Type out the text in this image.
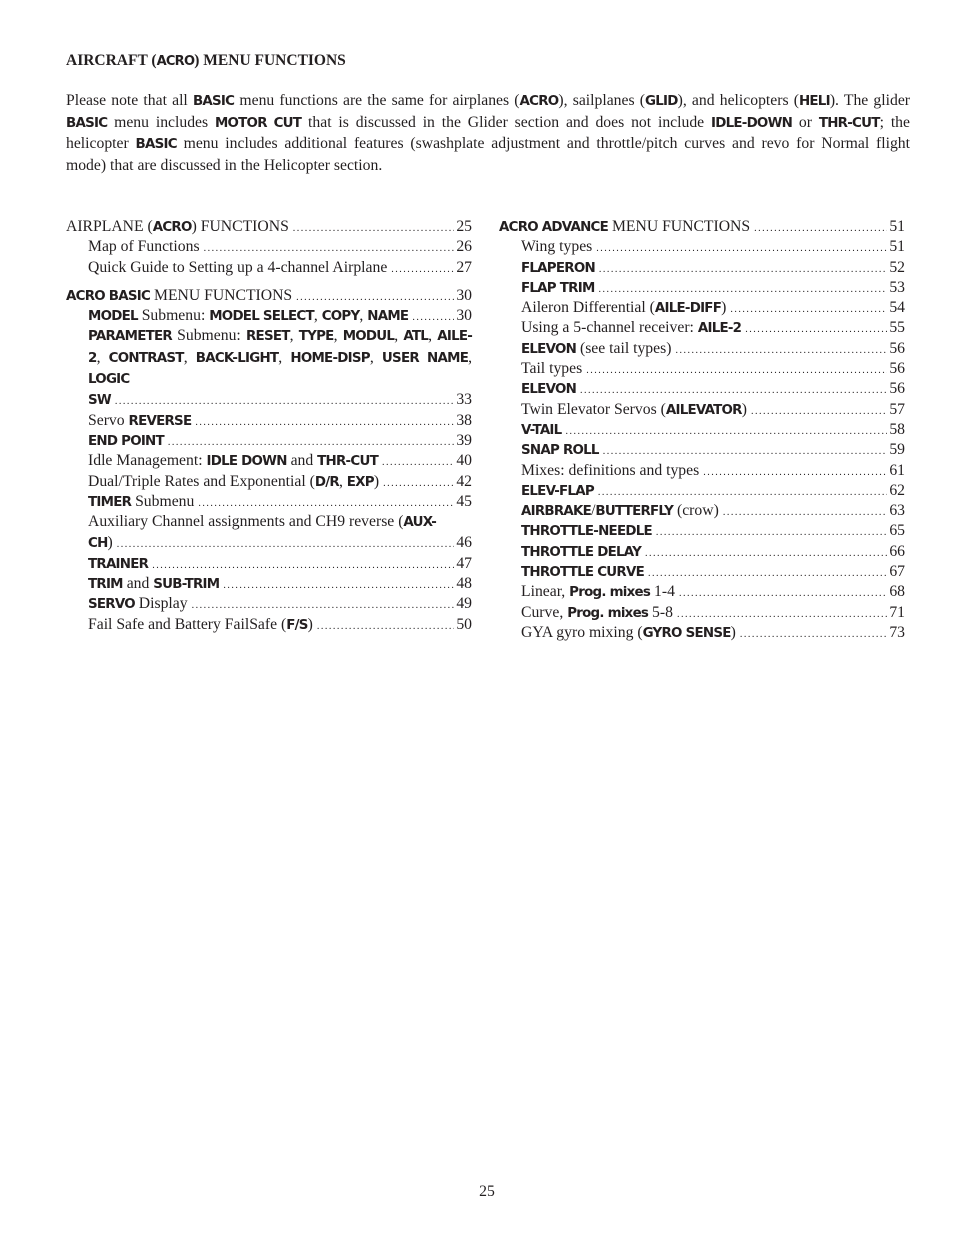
AIRCRAFT (ACRO) MENU FUNCTIONS
Please note that all BASIC menu functions are the same for airplanes (ACRO), sailplanes (GLID), and helicopters (HELI). The glider BASIC menu includes MOTOR CUT that is discussed in the Glider section and does not include IDLE-DOWN or THR-CUT; the helicopter BASIC menu includes additional features (swashplate adjustment and throttle/pitch curves and revo for Normal flight mode) that are discussed in the Helicopter section.
AIRPLANE (ACRO) FUNCTIONS . . .	25
Map of Functions . . .	26
Quick Guide to Setting up a 4-channel Airplane . . .	27
ACRO BASIC MENU FUNCTIONS . . .	30
MODEL Submenu: MODEL SELECT, COPY, NAME . . .	30
PARAMETER Submenu: RESET, TYPE, MODUL, ATL, AILE-2, CONTRAST, BACK-LIGHT, HOME-DISP, USER NAME, LOGIC
SW . . .	33
Servo REVERSE . . .	38
END POINT . . .	39
Idle Management: IDLE DOWN and THR-CUT . . .	40
Dual/Triple Rates and Exponential (D/R, EXP) . . .	42
TIMER Submenu . . .	45
Auxiliary Channel assignments and CH9 reverse (AUX-
CH) . . .	46
TRAINER . . .	47
TRIM and SUB-TRIM . . .	48
SERVO Display . . .	49
Fail Safe and Battery FailSafe (F/S) . . .	50
ACRO ADVANCE MENU FUNCTIONS . . .	51
Wing types . . .	51
FLAPERON . . .	52
FLAP TRIM . . .	53
Aileron Differential (AILE-DIFF) . . .	54
Using a 5-channel receiver: AILE-2 . . .	55
ELEVON (see tail types) . . .	56
Tail types . . .	56
ELEVON . . .	56
Twin Elevator Servos (AILEVATOR) . . .	57
V-TAIL . . .	58
SNAP ROLL . . .	59
Mixes: definitions and types . . .	61
ELEV-FLAP . . .	62
AIRBRAKE/BUTTERFLY (crow) . . .	63
THROTTLE-NEEDLE . . .	65
THROTTLE DELAY . . .	66
THROTTLE CURVE . . .	67
Linear, Prog. mixes 1-4 . . .	68
Curve, Prog. mixes 5-8 . . .	71
GYA gyro mixing (GYRO SENSE) . . .	73
25
